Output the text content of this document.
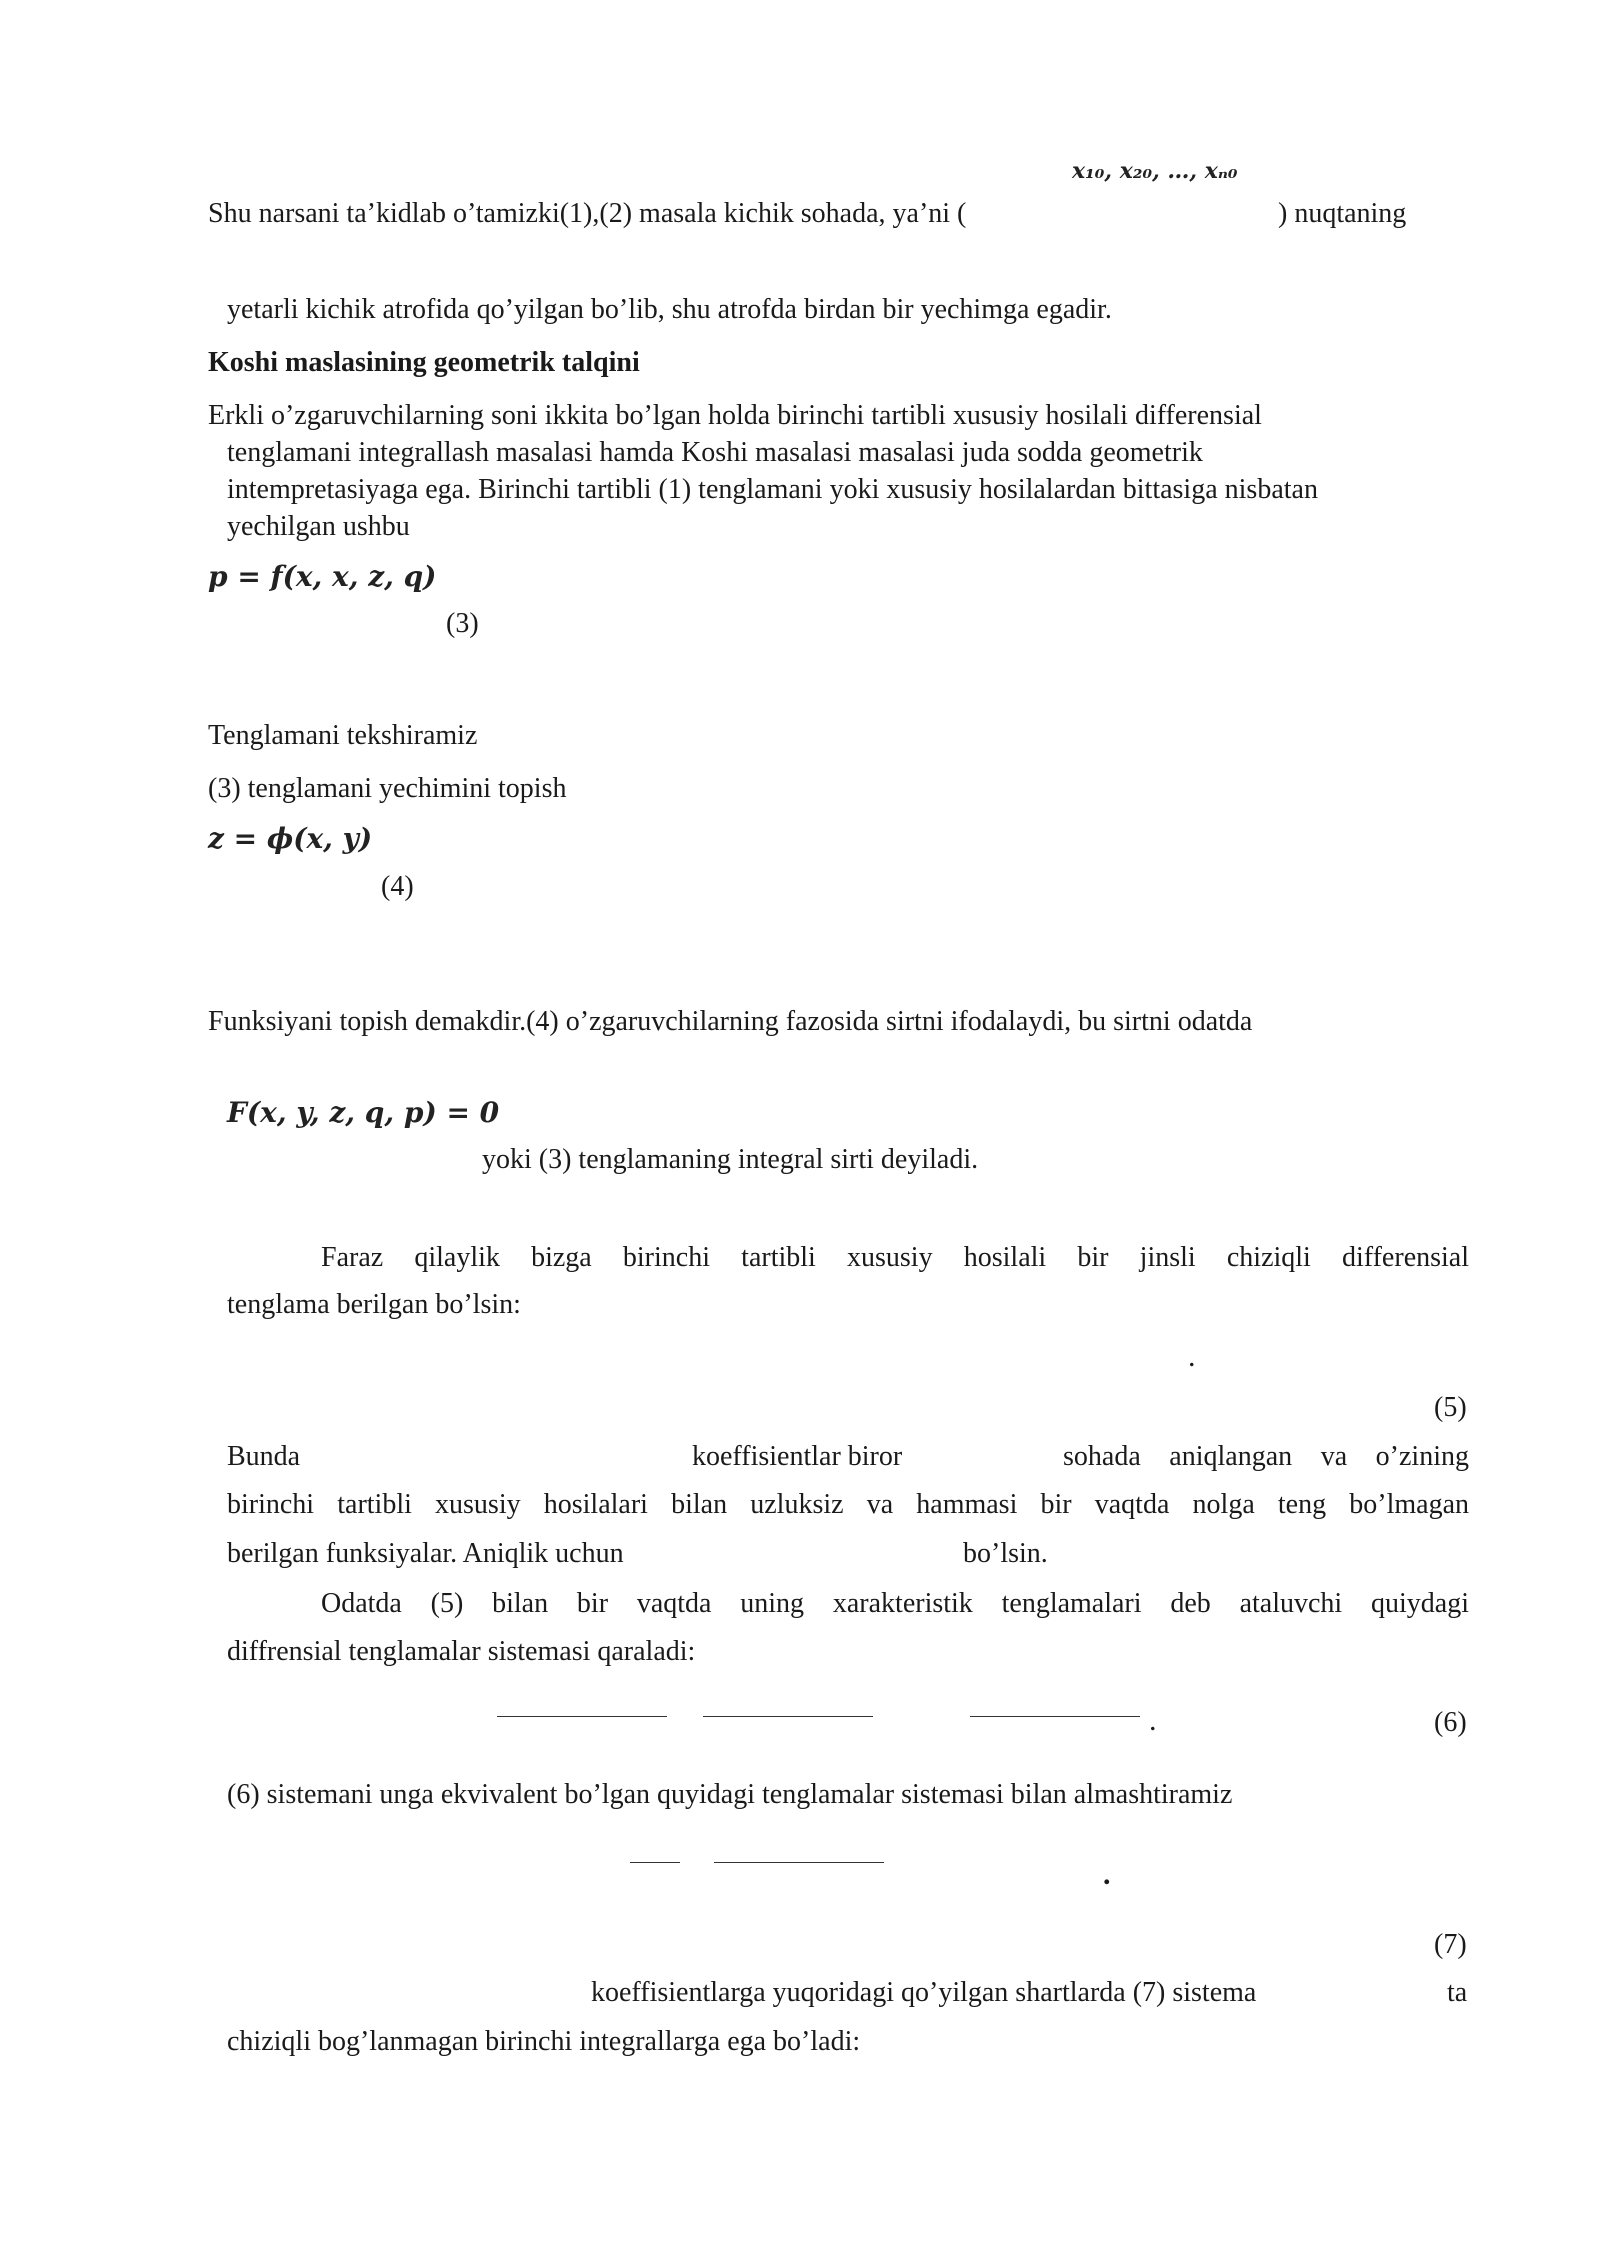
x₁₀, x₂₀, …, xₙ₀
Shu narsani ta’kidlab o’tamizki(1),(2) masala kichik sohada, ya’ni (	) nuqtaning
yetarli kichik atrofida qo’yilgan bo’lib, shu atrofda birdan bir yechimga egadir.
Koshi maslasining geometrik talqini
Erkli o’zgaruvchilarning soni ikkita bo’lgan holda birinchi tartibli xususiy hosilali differensial
tenglamani integrallash masalasi hamda Koshi masalasi masalasi juda sodda geometrik
intempretasiyaga ega. Birinchi tartibli (1) tenglamani yoki xususiy hosilalardan bittasiga nisbatan
yechilgan ushbu
p = f(x, x, z, q)
(3)
Tenglamani tekshiramiz
(3) tenglamani yechimini topish
z = ϕ(x, y)
(4)
Funksiyani topish demakdir.(4) o’zgaruvchilarning fazosida sirtni ifodalaydi, bu sirtni odatda
F(x, y, z, q, p) = 0
yoki (3) tenglamaning integral sirti deyiladi.
Faraz qilaylik bizga birinchi tartibli xususiy hosilali bir jinsli chiziqli differensial
tenglama berilgan bo’lsin:
.
(5)
Bunda	koeffisientlar biror	sohada aniqlangan va o’zining
birinchi tartibli xususiy hosilalari bilan uzluksiz va hammasi bir vaqtda nolga teng bo’lmagan
berilgan funksiyalar. Aniqlik uchun	bo’lsin.
Odatda (5) bilan bir vaqtda uning xarakteristik tenglamalari deb ataluvchi quiydagi
diffrensial tenglamalar sistemasi qaraladi:
.	(6)
(6) sistemani unga ekvivalent bo’lgan quyidagi tenglamalar sistemasi bilan almashtiramiz
.
(7)
koeffisientlarga yuqoridagi qo’yilgan shartlarda (7) sistema	ta
chiziqli bog’lanmagan birinchi integrallarga ega bo’ladi:
